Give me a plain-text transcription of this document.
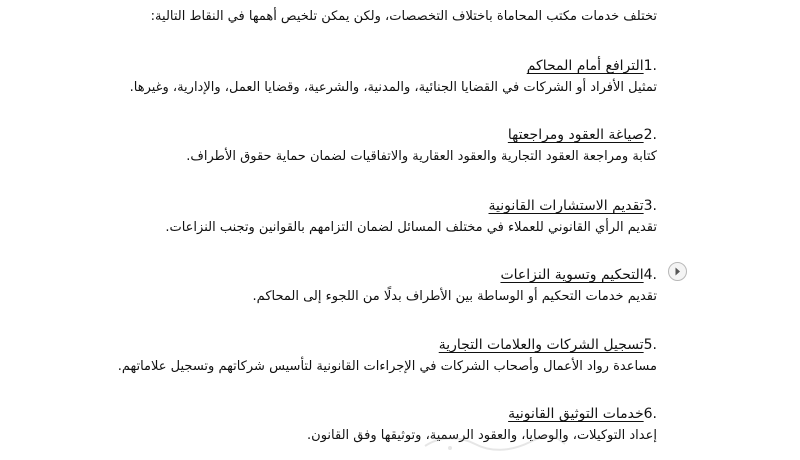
تختلف خدمات مكتب المحاماة باختلاف التخصصات، ولكن يمكن تلخيص أهمها في النقاط التالية:
1.الترافع أمام المحاكم
تمثيل الأفراد أو الشركات في القضايا الجنائية، والمدنية، والشرعية، وقضايا العمل، والإدارية، وغيرها.
2.صياغة العقود ومراجعتها
كتابة ومراجعة العقود التجارية والعقود العقارية والاتفاقيات لضمان حماية حقوق الأطراف.
3.تقديم الاستشارات القانونية
تقديم الرأي القانوني للعملاء في مختلف المسائل لضمان التزامهم بالقوانين وتجنب النزاعات.
4.التحكيم وتسوية النزاعات
تقديم خدمات التحكيم أو الوساطة بين الأطراف بدلًا من اللجوء إلى المحاكم.
5.تسجيل الشركات والعلامات التجارية
مساعدة رواد الأعمال وأصحاب الشركات في الإجراءات القانونية لتأسيس شركاتهم وتسجيل علاماتهم.
6.خدمات التوثيق القانونية
إعداد التوكيلات، والوصايا، والعقود الرسمية، وتوثيقها وفق القانون.
